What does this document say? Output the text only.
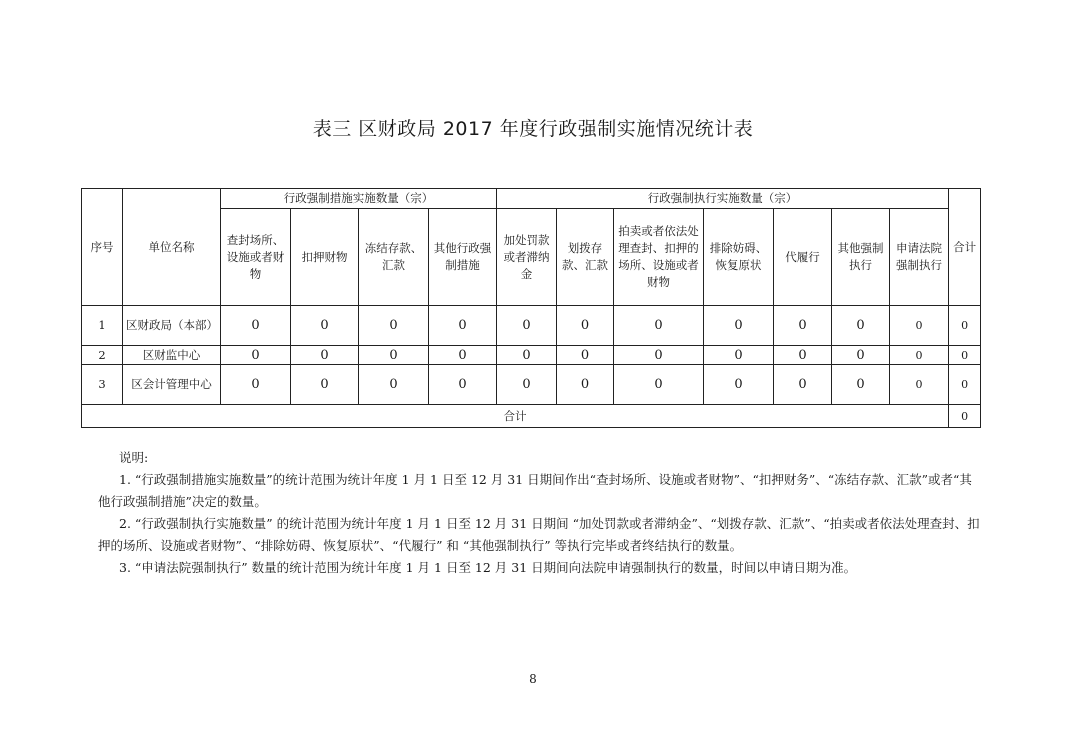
表三 区财政局 2017 年度行政强制实施情况统计表
序号	单位名称	行政强制措施实施数量（宗）				行政强制执行实施数量（宗）							合计
		查封场所、设施或者财物	扣押财物	冻结存款、汇款	其他行政强制措施	加处罚款或者滞纳金	划拨存款、汇款	拍卖或者依法处理查封、扣押的场所、设施或者财物	排除妨碍、恢复原状	代履行	其他强制执行	申请法院强制执行	
1	区财政局（本部）	0	0	0	0	0	0	0	0	0	0	0	0
2	区财监中心	0	0	0	0	0	0	0	0	0	0	0	0
3	区会计管理中心	0	0	0	0	0	0	0	0	0	0	0	0
合计													0

说明:

1. “行政强制措施实施数量”的统计范围为统计年度 1 月 1 日至 12 月 31 日期间作出“查封场所、设施或者财物”、“扣押财务”、“冻结存款、汇款”或者“其他行政强制措施”决定的数量。

2. “行政强制执行实施数量” 的统计范围为统计年度 1 月 1 日至 12 月 31 日期间 “加处罚款或者滞纳金”、“划拨存款、汇款”、“拍卖或者依法处理查封、扣押的场所、设施或者财物”、“排除妨碍、恢复原状”、“代履行” 和 “其他强制执行” 等执行完毕或者终结执行的数量。

3. “申请法院强制执行” 数量的统计范围为统计年度 1 月 1 日至 12 月 31 日期间向法院申请强制执行的数量，时间以申请日期为准。

8
